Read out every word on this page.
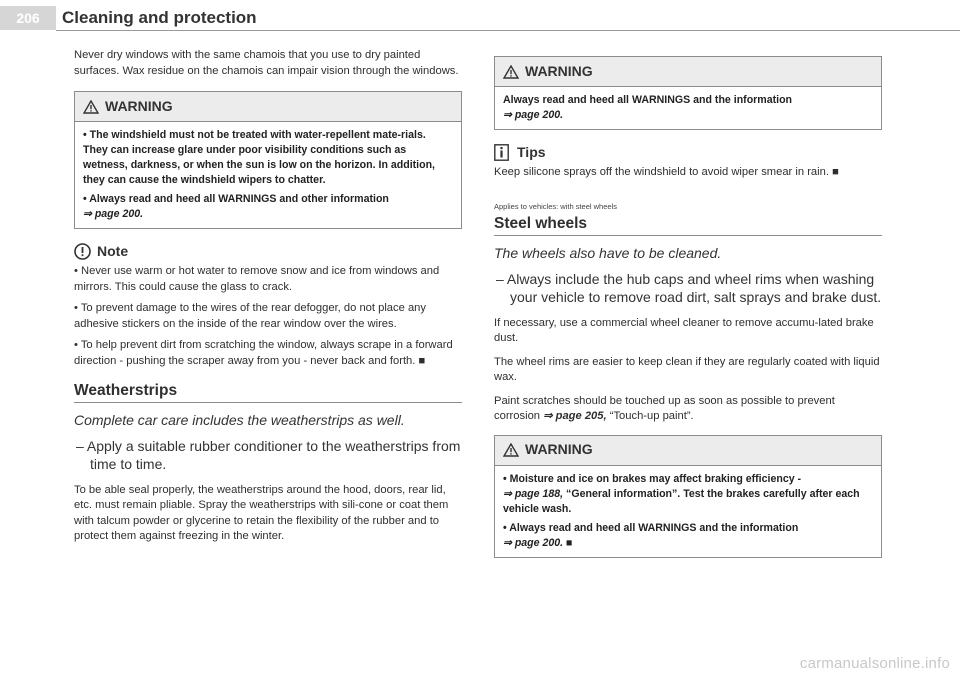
206	Cleaning and protection

Never dry windows with the same chamois that you use to dry painted surfaces. Wax residue on the chamois can impair vision through the windows.

WARNING
• The windshield must not be treated with water-repellent mate-rials. They can increase glare under poor visibility conditions such as wetness, darkness, or when the sun is low on the horizon. In addition, they can cause the windshield wipers to chatter.
• Always read and heed all WARNINGS and other information
⇒ page 200.
Note

• Never use warm or hot water to remove snow and ice from windows and mirrors. This could cause the glass to crack.

• To prevent damage to the wires of the rear defogger, do not place any adhesive stickers on the inside of the rear window over the wires.

• To help prevent dirt from scratching the window, always scrape in a forward direction - pushing the scraper away from you - never back and forth. ■

Weatherstrips
Complete car care includes the weatherstrips as well.
– Apply a suitable rubber conditioner to the weatherstrips from time to time.

To be able seal properly, the weatherstrips around the hood, doors, rear lid, etc. must remain pliable. Spray the weatherstrips with sili-cone or coat them with talcum powder or glycerine to retain the flexibility of the rubber and to protect them against freezing in the winter.

WARNING
Always read and heed all WARNINGS and the information
⇒ page 200.
Tips

Keep silicone sprays off the windshield to avoid wiper smear in rain. ■

Applies to vehicles: with steel wheels
Steel wheels
The wheels also have to be cleaned.
– Always include the hub caps and wheel rims when washing your vehicle to remove road dirt, salt sprays and brake dust.

If necessary, use a commercial wheel cleaner to remove accumu-lated brake dust.

The wheel rims are easier to keep clean if they are regularly coated with liquid wax.

Paint scratches should be touched up as soon as possible to prevent corrosion ⇒ page 205, “Touch-up paint”.

WARNING
• Moisture and ice on brakes may affect braking efficiency -
⇒ page 188, “General information”. Test the brakes carefully after each vehicle wash.
• Always read and heed all WARNINGS and the information
⇒ page 200. ■
carmanualsonline.info
